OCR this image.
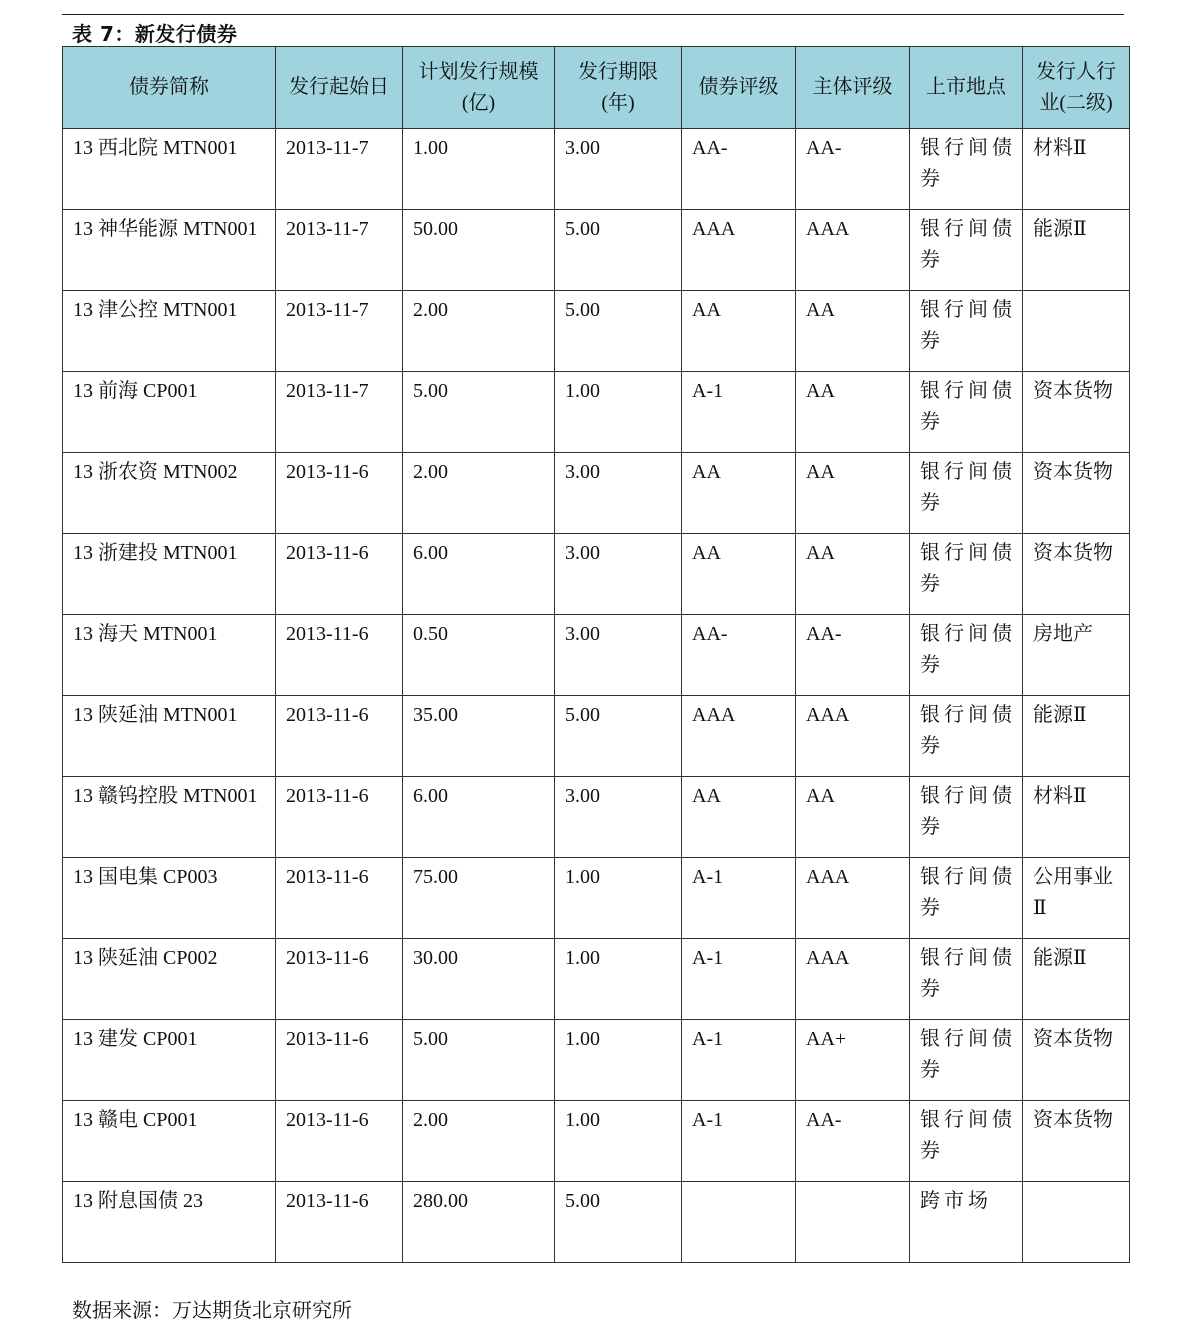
表 7：新发行债券
债券简称	发行起始日	计划发行规模(亿)	发行期限(年)	债券评级	主体评级	上市地点	发行人行业(二级)
13 西北院 MTN001	2013-11-7	1.00	3.00	AA-	AA-	银行间债券	材料Ⅱ
13 神华能源 MTN001	2013-11-7	50.00	5.00	AAA	AAA	银行间债券	能源Ⅱ
13 津公控 MTN001	2013-11-7	2.00	5.00	AA	AA	银行间债券	
13 前海 CP001	2013-11-7	5.00	1.00	A-1	AA	银行间债券	资本货物
13 浙农资 MTN002	2013-11-6	2.00	3.00	AA	AA	银行间债券	资本货物
13 浙建投 MTN001	2013-11-6	6.00	3.00	AA	AA	银行间债券	资本货物
13 海天 MTN001	2013-11-6	0.50	3.00	AA-	AA-	银行间债券	房地产
13 陕延油 MTN001	2013-11-6	35.00	5.00	AAA	AAA	银行间债券	能源Ⅱ
13 赣钨控股 MTN001	2013-11-6	6.00	3.00	AA	AA	银行间债券	材料Ⅱ
13 国电集 CP003	2013-11-6	75.00	1.00	A-1	AAA	银行间债券	公用事业Ⅱ
13 陕延油 CP002	2013-11-6	30.00	1.00	A-1	AAA	银行间债券	能源Ⅱ
13 建发 CP001	2013-11-6	5.00	1.00	A-1	AA+	银行间债券	资本货物
13 赣电 CP001	2013-11-6	2.00	1.00	A-1	AA-	银行间债券	资本货物
13 附息国债 23	2013-11-6	280.00	5.00			跨市场	
数据来源：万达期货北京研究所
